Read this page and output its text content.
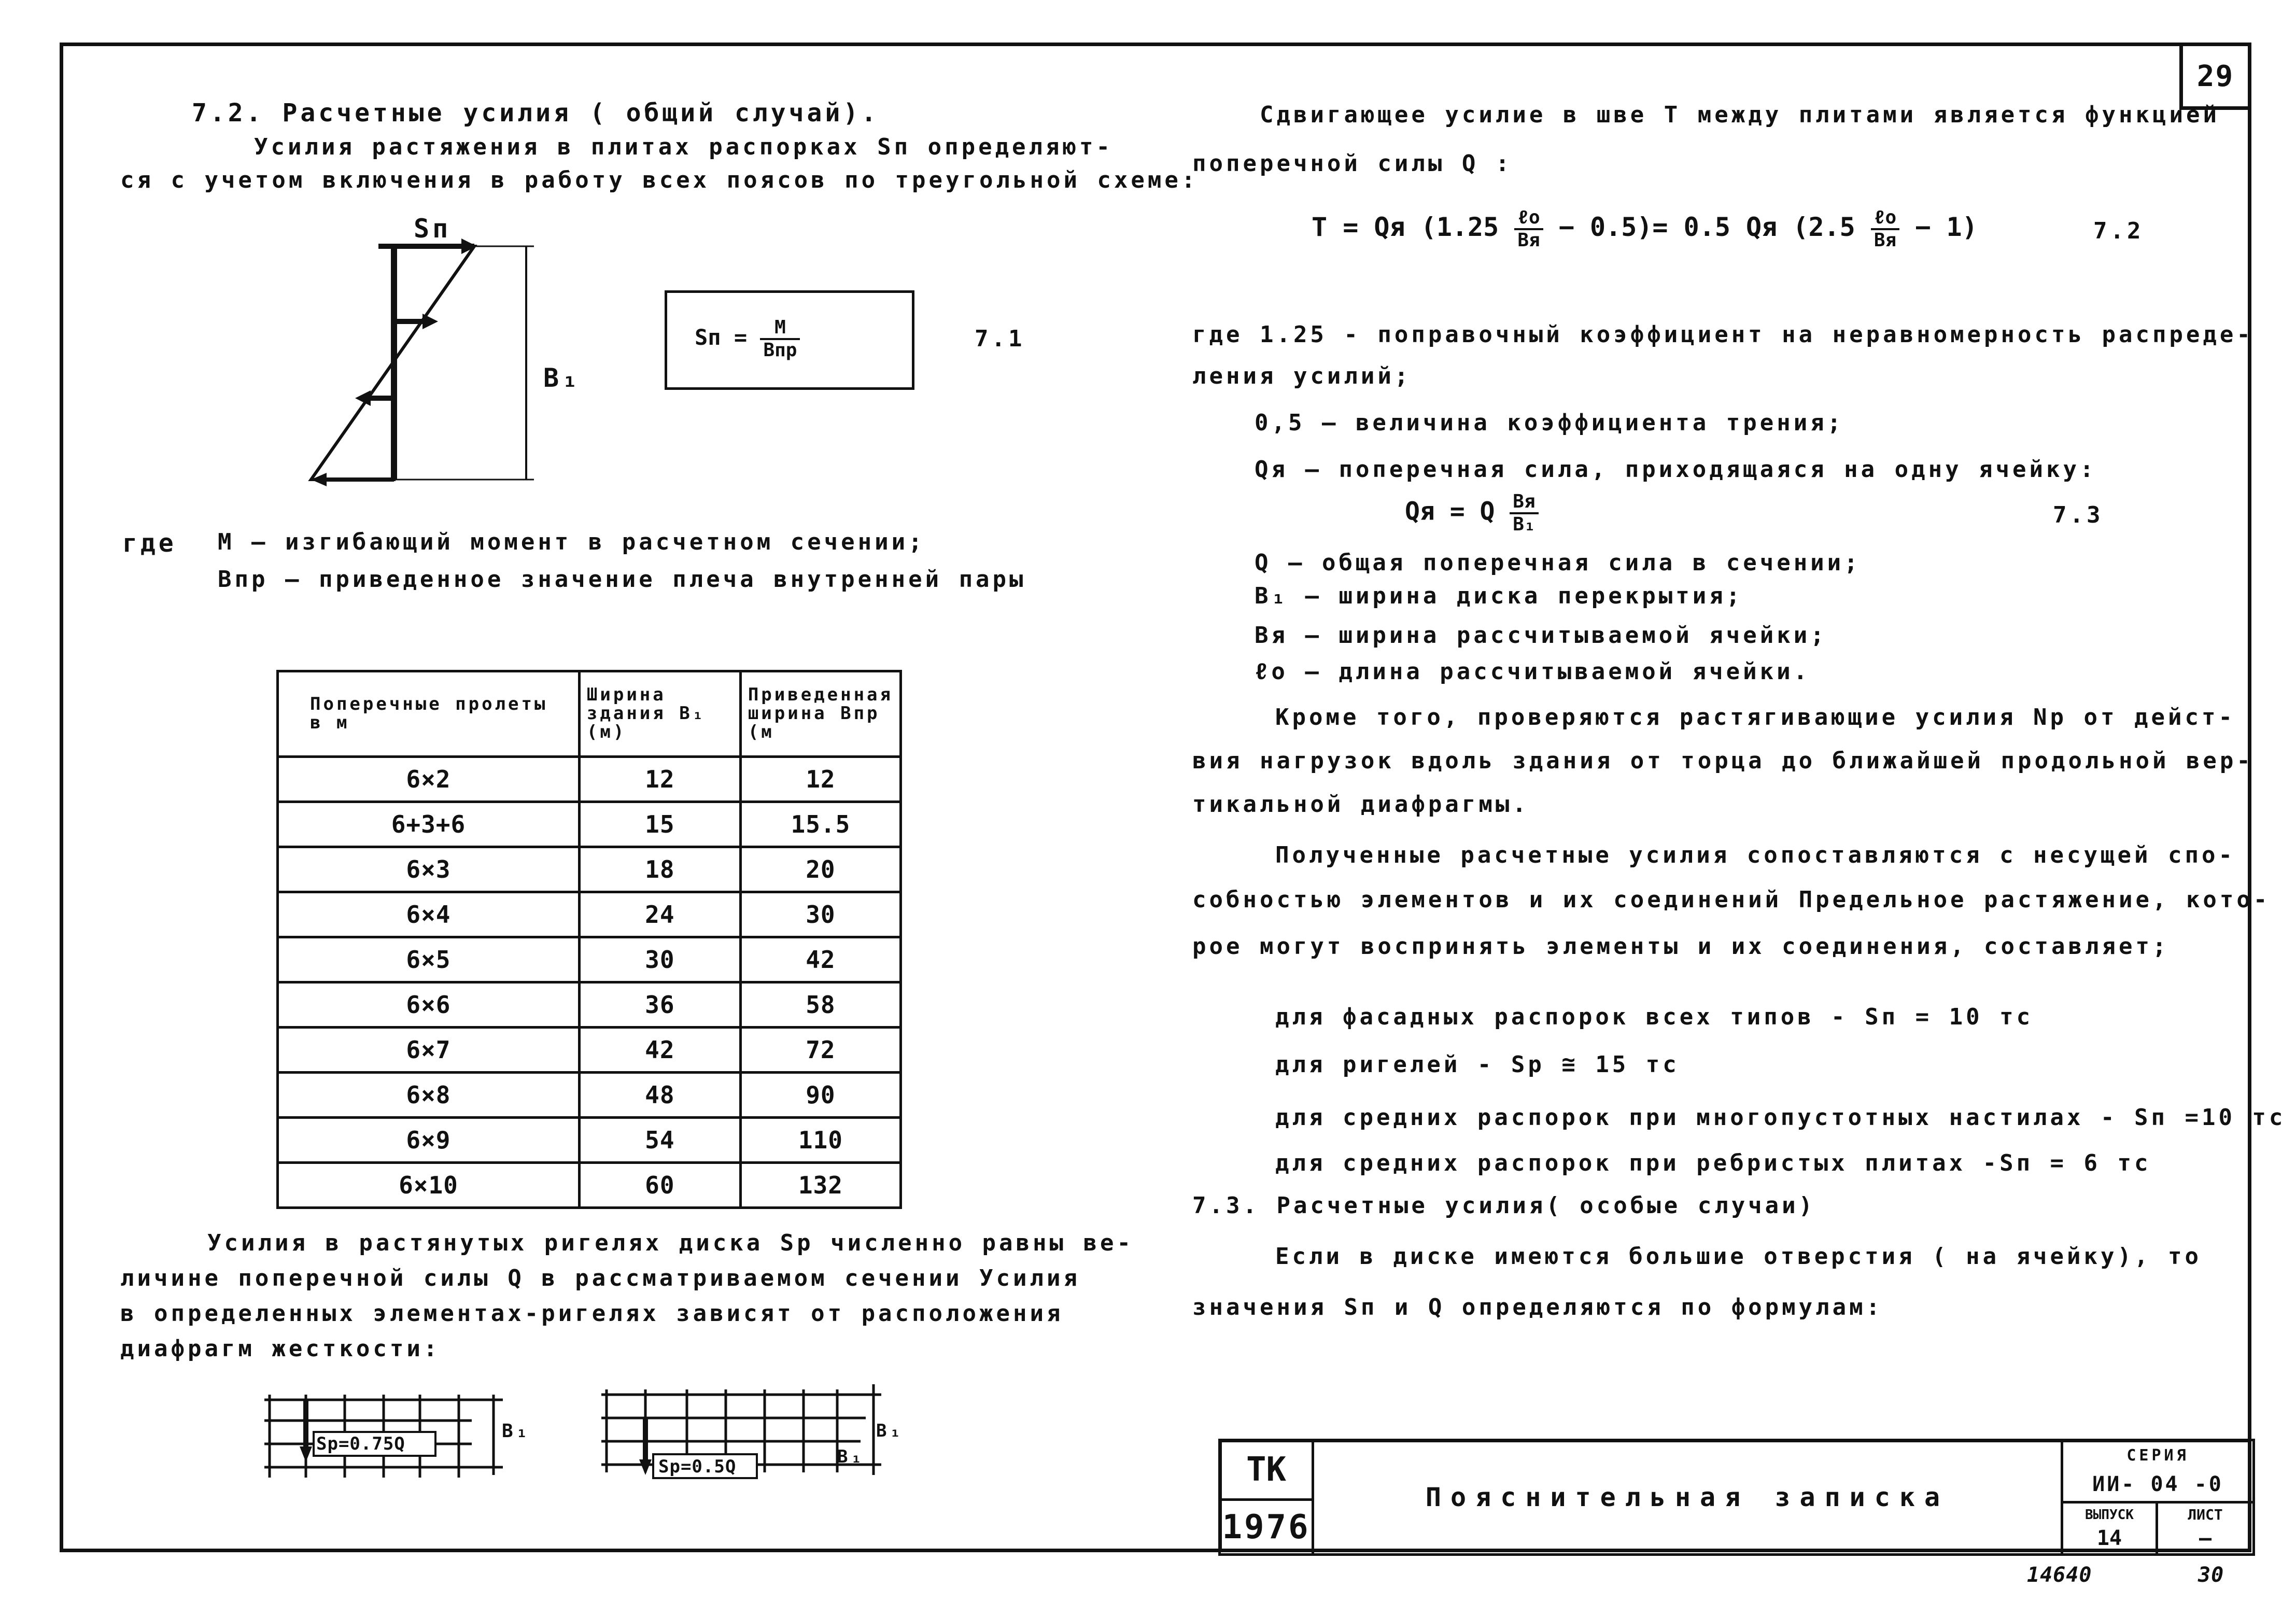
29
7.2. Расчетные усилия ( общий случай).
Усилия растяжения в плитах распорках Sп определяют-
ся с учетом включения в работу всех поясов по треугольной схеме:
Sп
B₁
Sп = $\frac{M}{\text{Bпр}}$	7.1
где M — изгибающий момент в расчетном сечении;
Bпр — приведенное значение плеча внутренней пары
Поперечные пролеты в м	Ширина здания B₁ (м)	Приведенная ширина Bпр (м
6×2	12	12
6+3+6	15	15.5
6×3	18	20
6×4	24	30
6×5	30	42
6×6	36	58
6×7	42	72
6×8	48	90
6×9	54	110
6×10	60	132
Усилия в растянутых ригелях диска Sр численно равны ве-
личине поперечной силы Q в рассматриваемом сечении Усилия
в определенных элементах-ригелях зависят от расположения
диафрагм жесткости:
Sр=0.75Q
B₁
Sр=0.5Q	B₁
B₁
Сдвигающее усилие в шве T между плитами является функцией
поперечной силы Q :
T = Qя $(1.25 \frac{\text{ℓо}}{Bя} - 0.5)= 0.5$ Qя $(2.5 \frac{\text{ℓо}}{Bя} - 1)$	7.2
где 1.25 - поправочный коэффициент на неравномерность распреде-
ления усилий;
0,5 — величина коэффициента трения;
Qя — поперечная сила, приходящаяся на одну ячейку:
Qя = Q $\frac{Bя}{\text{B₁}}$	7.3
Q — общая поперечная сила в сечении;
B₁ — ширина диска перекрытия;
Bя — ширина рассчитываемой ячейки;
ℓо — длина рассчитываемой ячейки.
Кроме того, проверяются растягивающие усилия Nр от дейст-
вия нагрузок вдоль здания от торца до ближайшей продольной вер-
тикальной диафрагмы.
Полученные расчетные усилия сопоставляются с несущей спо-
собностью элементов и их соединений Предельное растяжение, кото-
рое могут воспринять элементы и их соединения, составляет;
для фасадных распорок всех типов - Sп = 10 тс
для ригелей - Sр ≅ 15 тс
для средних распорок при многопустотных настилах - Sп =10 тс
для средних распорок при ребристых плитах -Sп = 6 тс
7.3. Расчетные усилия( особые случаи)
Если в диске имеются большие отверстия ( на ячейку), то
значения Sп и Q определяются по формулам:
ТК
1976
Пояснительная записка
СЕРИЯ
ИИ- 04 -0
ВЫПУСК
14
ЛИСТ
—
14640	30
